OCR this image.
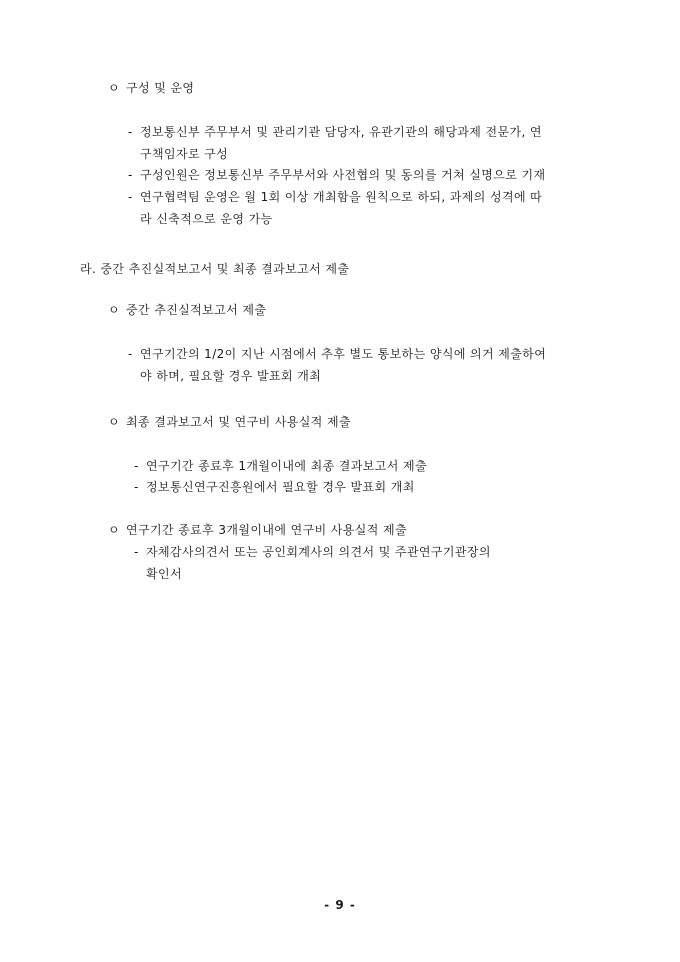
ㅇ 구성 및 운영
- 정보통신부 주무부서 및 관리기관 담당자, 유관기관의 해당과제 전문가, 연
구책임자로 구성
- 구성인원은 정보통신부 주무부서와 사전협의 및 동의를 거쳐 실명으로 기재
- 연구협력팀 운영은 월 1회 이상 개최함을 원칙으로 하되, 과제의 성격에 따
라 신축적으로 운영 가능
라. 중간 추진실적보고서 및 최종 결과보고서 제출
ㅇ 중간 추진실적보고서 제출
- 연구기간의 1/2이 지난 시점에서 추후 별도 통보하는 양식에 의거 제출하여
야 하며, 필요할 경우 발표회 개최
ㅇ 최종 결과보고서 및 연구비 사용실적 제출
- 연구기간 종료후 1개월이내에 최종 결과보고서 제출
- 정보통신연구진흥원에서 필요할 경우 발표회 개최
ㅇ 연구기간 종료후 3개월이내에 연구비 사용실적 제출
- 자체감사의견서 또는 공인회계사의 의견서 및 주관연구기관장의
확인서
- 9 -
